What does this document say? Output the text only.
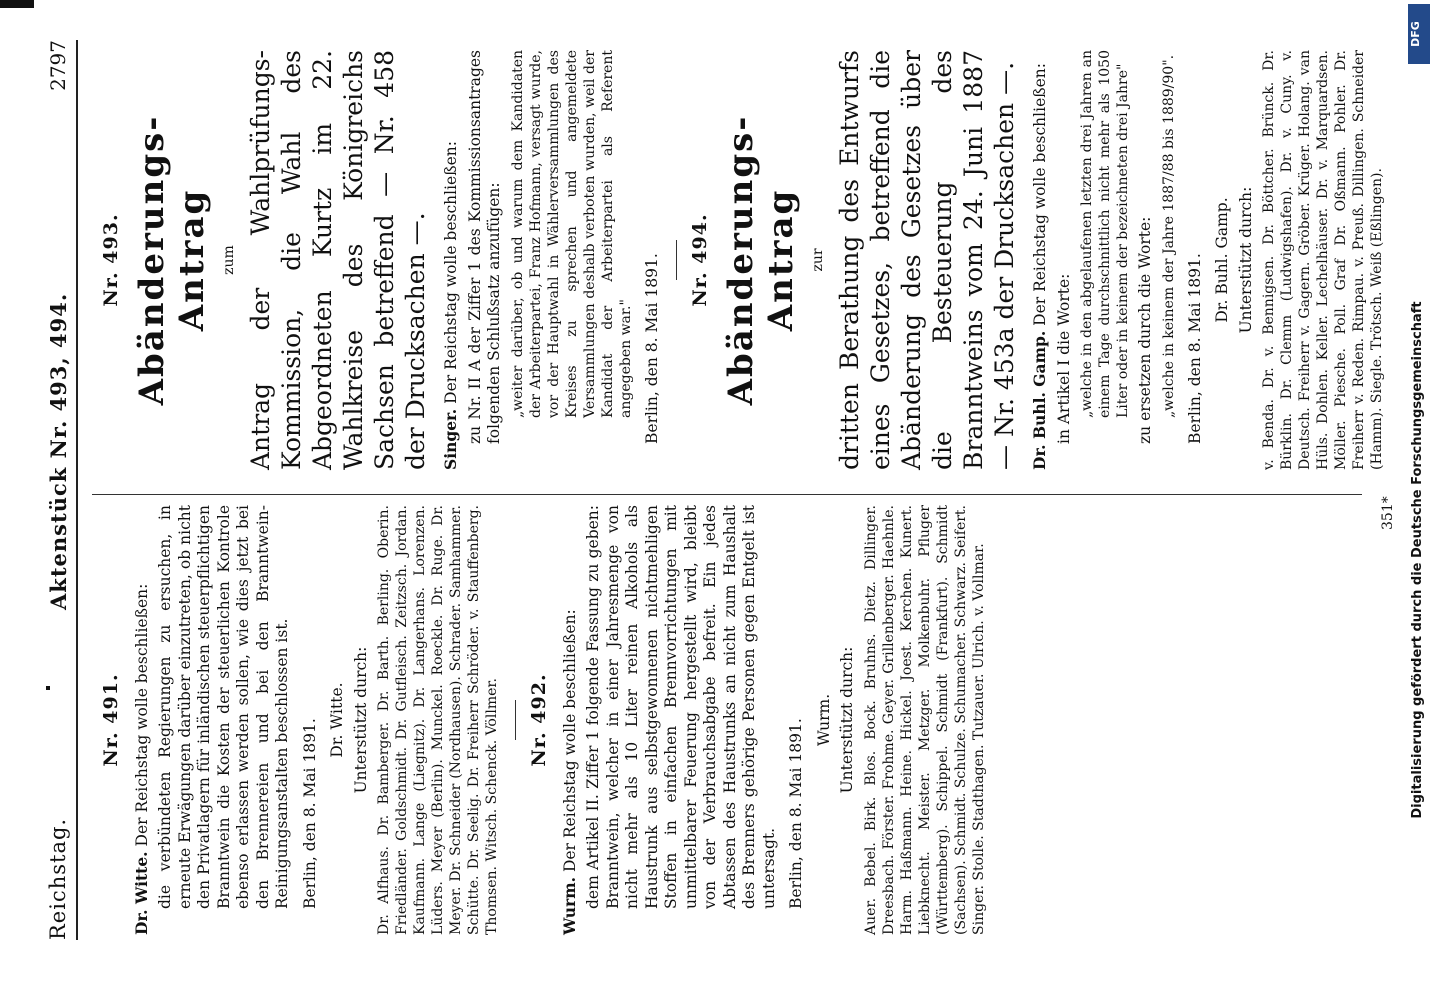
Reichstag.
Aktenstück Nr. 493, 494.
2797
Nr. 491.

Dr. Witte. Der Reichstag wolle beschließen: die verbündeten Regierungen zu ersuchen, in erneute Erwägungen darüber einzutreten, ob nicht den Privatlagern für inländischen steuerpflichtigen Branntwein die Kosten der steuerlichen Kontrole ebenso erlassen werden sollen, wie dies jetzt bei den Brennereien und bei den Branntwein-Reinigungsanstalten beschlossen ist. Berlin, den 8. Mai 1891. Dr. Witte. Unterstützt durch: Dr. Alfhaus. Dr. Bamberger. Dr. Barth. Berling. Oberin. Friedländer. Goldschmidt. Dr. Gutfleisch. Zeitzsch. Jordan. Kaufmann. Lange (Liegnitz). Dr. Langerhans. Lorenzen. Lüders. Meyer (Berlin). Munckel. Roeckle. Dr. Ruge. Dr. Meyer. Dr. Schneider (Nordhausen). Schrader. Samhammer. Schütte. Dr. Seelig. Dr. Freiherr Schröder. v. Stauffenberg. Thomsen. Witsch. Schenck. Völlmer. Nr. 492.

Wurm. Der Reichstag wolle beschließen: dem Artikel II. Ziffer 1 folgende Fassung zu geben: Branntwein, welcher in einer Jahresmenge von nicht mehr als 10 Liter reinen Alkohols als Haustrunk aus selbstgewonnenen nichtmehligen Stoffen in einfachen Brennvorrichtungen mit unmittelbarer Feuerung hergestellt wird, bleibt von der Verbrauchsabgabe befreit. Ein jedes Abtassen des Haustrunks an nicht zum Haushalt des Brenners gehörige Personen gegen Entgelt ist untersagt. Berlin, den 8. Mai 1891. Wurm. Unterstützt durch: Auer. Bebel. Birk. Blos. Bock. Bruhns. Dietz. Dillinger. Dreesbach. Förster. Frohme. Geyer. Grillenberger. Haehnle. Harm. Haßmann. Heine. Hickel. Joest. Kerchen. Kunert. Liebknecht. Meister. Metzger. Molkenbuhr. Pfluger (Württemberg). Schippel. Schmidt (Frankfurt). Schmidt (Sachsen). Schmidt. Schulze. Schumacher. Schwarz. Seifert. Singer. Stolle. Stadthagen. Tutzauer. Ulrich. v. Vollmar.

Nr. 493. Abänderungs-Antrag zum Antrag der Wahlprüfungs-Kommission, die Wahl des Abgeordneten Kurtz im 22. Wahlkreise des Königreichs Sachsen betreffend — Nr. 458 der Drucksachen —. Singer. Der Reichstag wolle beschließen: zu Nr. II A der Ziffer 1 des Kommissionsantrages folgenden Schlußsatz anzufügen: „weiter darüber, ob und warum dem Kandidaten der Arbeiterpartei, Franz Hofmann, versagt wurde, vor der Hauptwahl in Wählerversammlungen des Kreises zu sprechen und angemeldete Versammlungen deshalb verboten wurden, weil der Kandidat der Arbeiterpartei als Referent angegeben war." Berlin, den 8. Mai 1891. Nr. 494. Abänderungs-Antrag zur dritten Berathung des Entwurfs eines Gesetzes, betreffend die Abänderung des Gesetzes über die Besteuerung des Branntweins vom 24. Juni 1887 — Nr. 453a der Drucksachen —. Dr. Buhl. Gamp. Der Reichstag wolle beschließen:

in Artikel I die Worte: „welche in den abgelaufenen letzten drei Jahren an einem Tage durchschnittlich nicht mehr als 1050 Liter oder in keinem der bezeichneten drei Jahre" zu ersetzen durch die Worte: „welche in keinem der Jahre 1887/88 bis 1889/90". Berlin, den 8. Mai 1891. Dr. Buhl. Gamp. Unterstützt durch: v. Benda. Dr. v. Bennigsen. Dr. Böttcher. Brünck. Dr. Bürklin. Dr. Clemm (Ludwigshafen). Dr. v. Cuny. v. Deutsch. Freiherr v. Gagern. Gröber. Krüger. Holang. van Hüls. Dohlen. Keller. Lechelhäuser. Dr. v. Marquardsen. Möller. Piesche. Poll. Graf Dr. Oßmann. Pohler. Dr. Freiherr v. Reden. Rimpau. v. Preuß. Dillingen. Schneider (Hamm). Siegle. Trötsch. Weiß (Eßlingen).

351*	Digitalisierung gefördert durch die Deutsche Forschungsgemeinschaft
DFG
